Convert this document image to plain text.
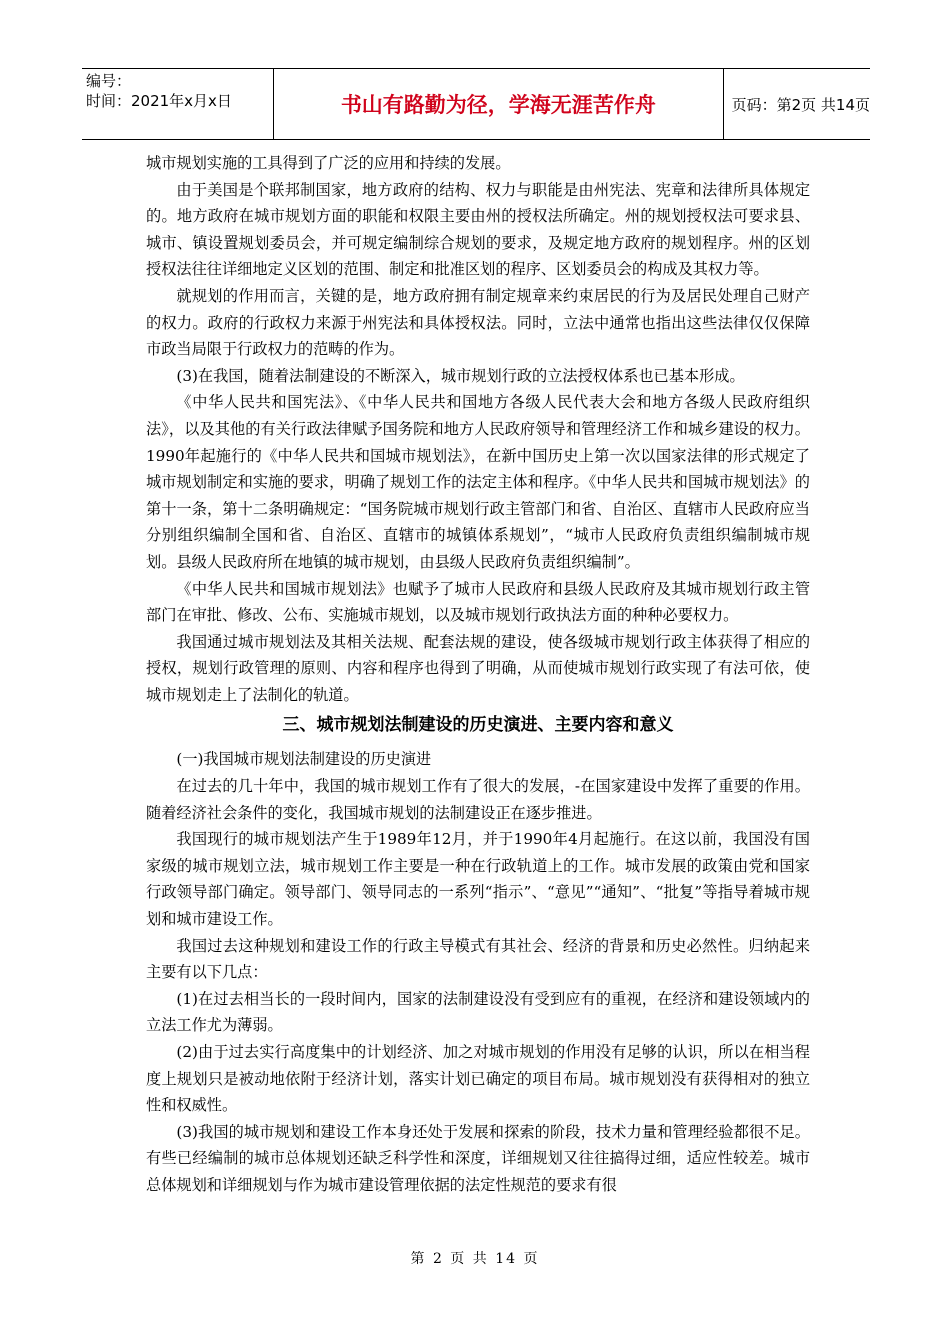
编号：
时间：2021年x月x日	书山有路勤为径，学海无涯苦作舟	页码：第2页 共14页

城市规划实施的工具得到了广泛的应用和持续的发展。

由于美国是个联邦制国家，地方政府的结构、权力与职能是由州宪法、宪章和法律所具体规定的。地方政府在城市规划方面的职能和权限主要由州的授权法所确定。州的规划授权法可要求县、城市、镇设置规划委员会，并可规定编制综合规划的要求，及规定地方政府的规划程序。州的区划授权法往往详细地定义区划的范围、制定和批准区划的程序、区划委员会的构成及其权力等。

就规划的作用而言，关键的是，地方政府拥有制定规章来约束居民的行为及居民处理自己财产的权力。政府的行政权力来源于州宪法和具体授权法。同时，立法中通常也指出这些法律仅仅保障市政当局限于行政权力的范畴的作为。

(3)在我国，随着法制建设的不断深入，城市规划行政的立法授权体系也已基本形成。

《中华人民共和国宪法》、《中华人民共和国地方各级人民代表大会和地方各级人民政府组织法》，以及其他的有关行政法律赋予国务院和地方人民政府领导和管理经济工作和城乡建设的权力。1990年起施行的《中华人民共和国城市规划法》，在新中国历史上第一次以国家法律的形式规定了城市规划制定和实施的要求，明确了规划工作的法定主体和程序。《中华人民共和国城市规划法》的第十一条，第十二条明确规定：“国务院城市规划行政主管部门和省、自治区、直辖市人民政府应当分别组织编制全国和省、自治区、直辖市的城镇体系规划”，“城市人民政府负责组织编制城市规划。县级人民政府所在地镇的城市规划，由县级人民政府负责组织编制”。

《中华人民共和国城市规划法》也赋予了城市人民政府和县级人民政府及其城市规划行政主管部门在审批、修改、公布、实施城市规划，以及城市规划行政执法方面的种种必要权力。

我国通过城市规划法及其相关法规、配套法规的建设，使各级城市规划行政主体获得了相应的授权，规划行政管理的原则、内容和程序也得到了明确，从而使城市规划行政实现了有法可依，使城市规划走上了法制化的轨道。

三、城市规划法制建设的历史演进、主要内容和意义

(一)我国城市规划法制建设的历史演进

在过去的几十年中，我国的城市规划工作有了很大的发展，-在国家建设中发挥了重要的作用。随着经济社会条件的变化，我国城市规划的法制建设正在逐步推进。

我国现行的城市规划法产生于1989年12月，并于1990年4月起施行。在这以前，我国没有国家级的城市规划立法，城市规划工作主要是一种在行政轨道上的工作。城市发展的政策由党和国家行政领导部门确定。领导部门、领导同志的一系列“指示”、“意见”“通知”、“批复”等指导着城市规划和城市建设工作。

我国过去这种规划和建设工作的行政主导模式有其社会、经济的背景和历史必然性。归纳起来主要有以下几点：

(1)在过去相当长的一段时间内，国家的法制建设没有受到应有的重视，在经济和建设领域内的立法工作尤为薄弱。

(2)由于过去实行高度集中的计划经济、加之对城市规划的作用没有足够的认识，所以在相当程度上规划只是被动地依附于经济计划，落实计划已确定的项目布局。城市规划没有获得相对的独立性和权威性。

(3)我国的城市规划和建设工作本身还处于发展和探索的阶段，技术力量和管理经验都很不足。有些已经编制的城市总体规划还缺乏科学性和深度，详细规划又往往搞得过细，适应性较差。城市总体规划和详细规划与作为城市建设管理依据的法定性规范的要求有很

第 2 页 共 14 页
